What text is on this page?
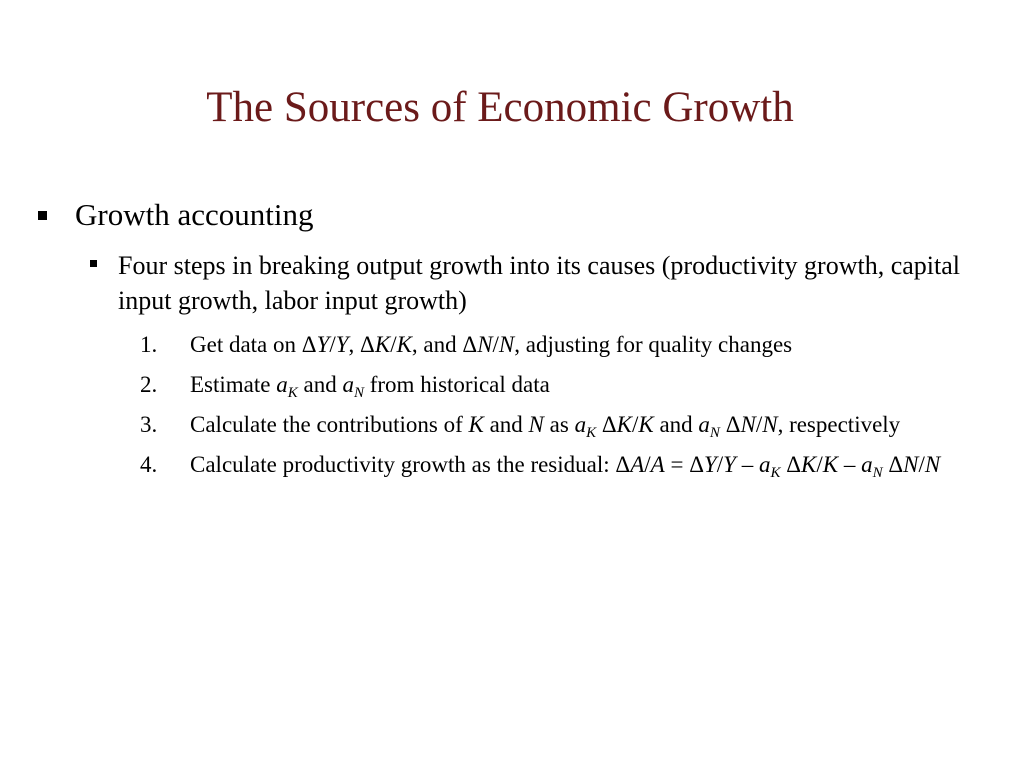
The Sources of Economic Growth
Growth accounting
Four steps in breaking output growth into its causes (productivity growth, capital input growth, labor input growth)
1.	Get data on ΔY/Y, ΔK/K, and ΔN/N, adjusting for quality changes
2.	Estimate $a_K$ and $a_N$ from historical data
3.	Calculate the contributions of K and N as $a_K$ ΔK/K and $a_N$ ΔN/N, respectively
4.	Calculate productivity growth as the residual: $\Delta A/A = \Delta Y/Y - a_K$ $\Delta K/K - a_N$ ΔN/N
